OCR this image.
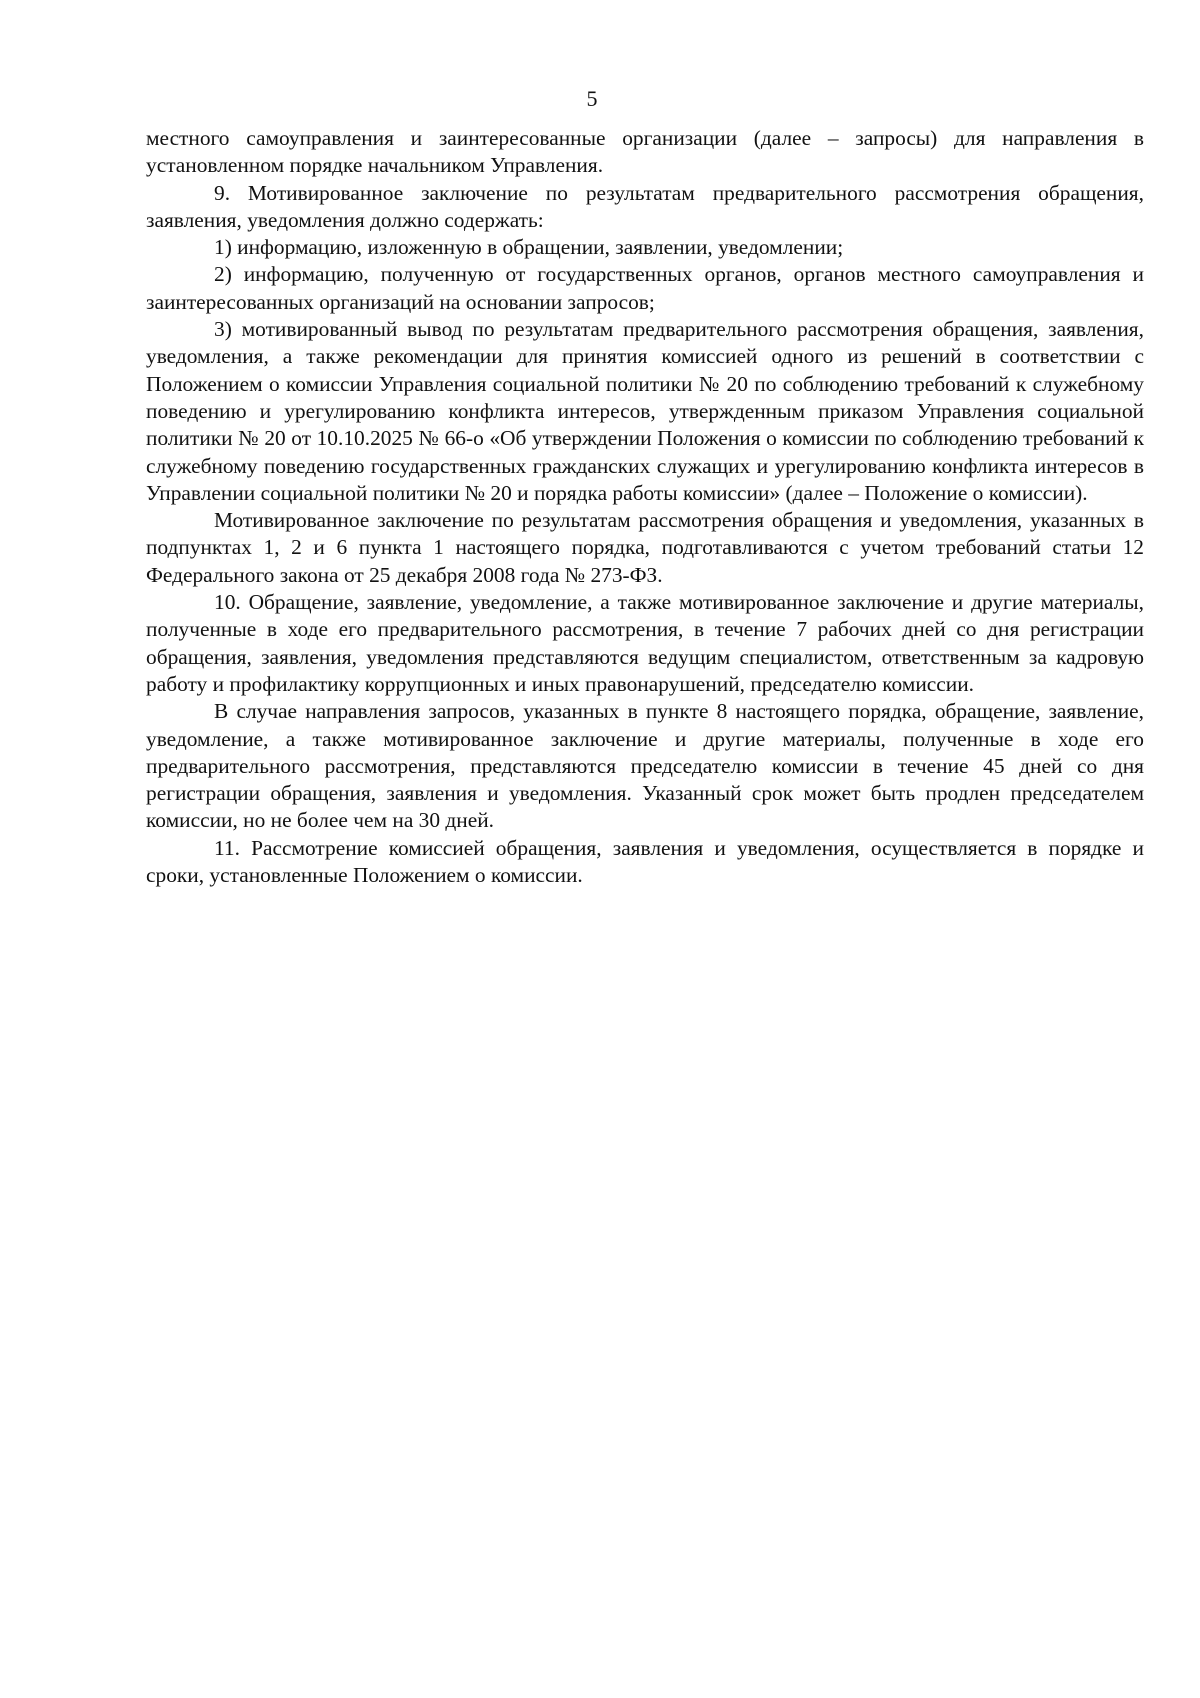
5

местного самоуправления и заинтересованные организации (далее – запросы) для направления в установленном порядке начальником Управления.

9. Мотивированное заключение по результатам предварительного рассмотрения обращения, заявления, уведомления должно содержать:

1) информацию, изложенную в обращении, заявлении, уведомлении;

2) информацию, полученную от государственных органов, органов местного самоуправления и заинтересованных организаций на основании запросов;

3) мотивированный вывод по результатам предварительного рассмотрения обращения, заявления, уведомления, а также рекомендации для принятия комиссией одного из решений в соответствии с Положением о комиссии Управления социальной политики № 20 по соблюдению требований к служебному поведению и урегулированию конфликта интересов, утвержденным приказом Управления социальной политики № 20 от 10.10.2025 № 66-о «Об утверждении Положения о комиссии по соблюдению требований к служебному поведению государственных гражданских служащих и урегулированию конфликта интересов в Управлении социальной политики № 20 и порядка работы комиссии» (далее – Положение о комиссии).

Мотивированное заключение по результатам рассмотрения обращения и уведомления, указанных в подпунктах 1, 2 и 6 пункта 1 настоящего порядка, подготавливаются с учетом требований статьи 12 Федерального закона от 25 декабря 2008 года № 273-ФЗ.

10. Обращение, заявление, уведомление, а также мотивированное заключение и другие материалы, полученные в ходе его предварительного рассмотрения, в течение 7 рабочих дней со дня регистрации обращения, заявления, уведомления представляются ведущим специалистом, ответственным за кадровую работу и профилактику коррупционных и иных правонарушений, председателю комиссии.

В случае направления запросов, указанных в пункте 8 настоящего порядка, обращение, заявление, уведомление, а также мотивированное заключение и другие материалы, полученные в ходе его предварительного рассмотрения, представляются председателю комиссии в течение 45 дней со дня регистрации обращения, заявления и уведомления. Указанный срок может быть продлен председателем комиссии, но не более чем на 30 дней.

11. Рассмотрение комиссией обращения, заявления и уведомления, осуществляется в порядке и сроки, установленные Положением о комиссии.
